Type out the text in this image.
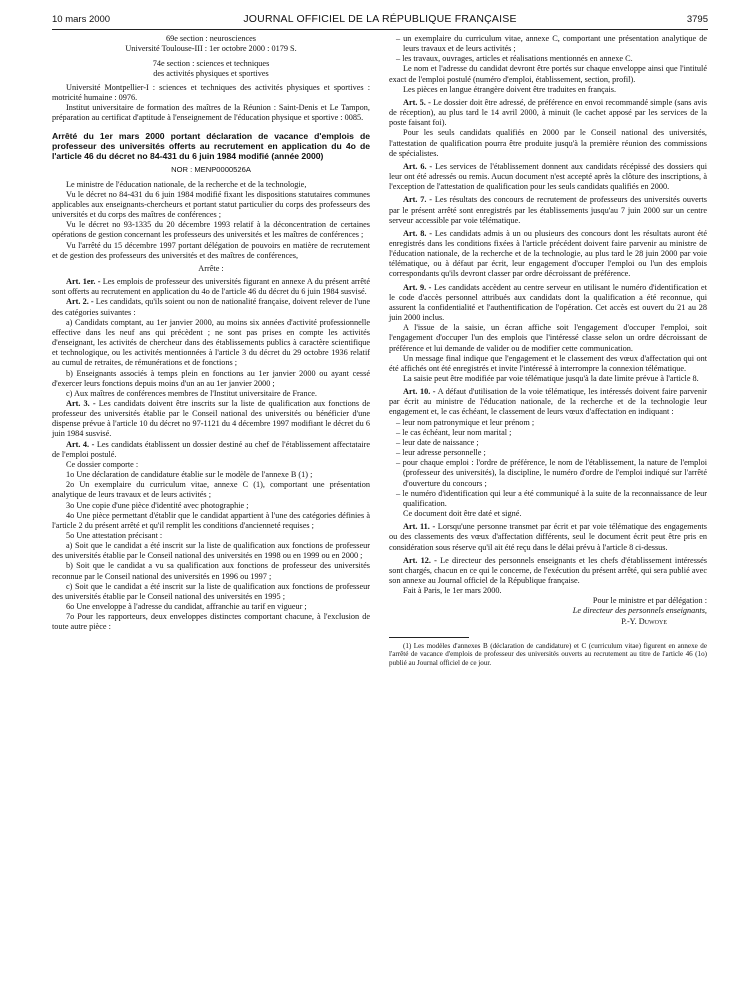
10 mars 2000	JOURNAL OFFICIEL DE LA RÉPUBLIQUE FRANÇAISE	3795

69e section : neurosciences

Université Toulouse-III : 1er octobre 2000 : 0179 S.

74e section : sciences et techniques

des activités physiques et sportives

Université Montpellier-I : sciences et techniques des activités physiques et sportives : motricité humaine : 0976.

Institut universitaire de formation des maîtres de la Réunion : Saint-Denis et Le Tampon, préparation au certificat d'aptitude à l'enseignement de l'éducation physique et sportive : 0085.

Arrêté du 1er mars 2000 portant déclaration de vacance d'emplois de professeur des universités offerts au recrutement en application du 4o de l'article 46 du décret no 84-431 du 6 juin 1984 modifié (année 2000)

NOR : MENP0000526A

Le ministre de l'éducation nationale, de la recherche et de la technologie,

Vu le décret no 84-431 du 6 juin 1984 modifié fixant les dispositions statutaires communes applicables aux enseignants-chercheurs et portant statut particulier du corps des professeurs des universités et du corps des maîtres de conférences ;

Vu le décret no 93-1335 du 20 décembre 1993 relatif à la déconcentration de certaines opérations de gestion concernant les professeurs des universités et les maîtres de conférences ;

Vu l'arrêté du 15 décembre 1997 portant délégation de pouvoirs en matière de recrutement et de gestion des professeurs des universités et des maîtres de conférences,

Arrête :

Art. 1er. - Les emplois de professeur des universités figurant en annexe A du présent arrêté sont offerts au recrutement en application du 4o de l'article 46 du décret du 6 juin 1984 susvisé.

Art. 2. - Les candidats, qu'ils soient ou non de nationalité française, doivent relever de l'une des catégories suivantes :

a) Candidats comptant, au 1er janvier 2000, au moins six années d'activité professionnelle effective dans les neuf ans qui précèdent ; ne sont pas prises en compte les activités d'enseignant, les activités de chercheur dans des établissements publics à caractère scientifique et technologique, ou les activités mentionnées à l'article 3 du décret du 29 octobre 1936 relatif au cumul de retraites, de rémunérations et de fonctions ;

b) Enseignants associés à temps plein en fonctions au 1er janvier 2000 ou ayant cessé d'exercer leurs fonctions depuis moins d'un an au 1er janvier 2000 ;

c) Aux maîtres de conférences membres de l'Institut universitaire de France.

Art. 3. - Les candidats doivent être inscrits sur la liste de qualification aux fonctions de professeur des universités établie par le Conseil national des universités ou bénéficier d'une dispense prévue à l'article 10 du décret no 97-1121 du 4 décembre 1997 modifiant le décret du 6 juin 1984 susvisé.

Art. 4. - Les candidats établissent un dossier destiné au chef de l'établissement affectataire de l'emploi postulé.

Ce dossier comporte :

1o Une déclaration de candidature établie sur le modèle de l'annexe B (1) ;

2o Un exemplaire du curriculum vitae, annexe C (1), comportant une présentation analytique de leurs travaux et de leurs activités ;

3o Une copie d'une pièce d'identité avec photographie ;

4o Une pièce permettant d'établir que le candidat appartient à l'une des catégories définies à l'article 2 du présent arrêté et qu'il remplit les conditions d'ancienneté requises ;

5o Une attestation précisant :

a) Soit que le candidat a été inscrit sur la liste de qualification aux fonctions de professeur des universités établie par le Conseil national des universités en 1998 ou en 1999 ou en 2000 ;

b) Soit que le candidat a vu sa qualification aux fonctions de professeur des universités reconnue par le Conseil national des universités en 1996 ou 1997 ;

c) Soit que le candidat a été inscrit sur la liste de qualification aux fonctions de professeur des universités établie par le Conseil national des universités en 1995 ;

6o Une enveloppe à l'adresse du candidat, affranchie au tarif en vigueur ;

7o Pour les rapporteurs, deux enveloppes distinctes comportant chacune, à l'exclusion de toute autre pièce :

– un exemplaire du curriculum vitae, annexe C, comportant une présentation analytique de leurs travaux et de leurs activités ;

– les travaux, ouvrages, articles et réalisations mentionnés en annexe C.

Le nom et l'adresse du candidat devront être portés sur chaque enveloppe ainsi que l'intitulé exact de l'emploi postulé (numéro d'emploi, établissement, section, profil).

Les pièces en langue étrangère doivent être traduites en français.

Art. 5. - Le dossier doit être adressé, de préférence en envoi recommandé simple (sans avis de réception), au plus tard le 14 avril 2000, à minuit (le cachet apposé par les services de la poste faisant foi).

Pour les seuls candidats qualifiés en 2000 par le Conseil national des universités, l'attestation de qualification pourra être produite jusqu'à la première réunion des commissions de spécialistes.

Art. 6. - Les services de l'établissement donnent aux candidats récépissé des dossiers qui leur ont été adressés ou remis. Aucun document n'est accepté après la clôture des inscriptions, à l'exception de l'attestation de qualification pour les seuls candidats qualifiés en 2000.

Art. 7. - Les résultats des concours de recrutement de professeurs des universités ouverts par le présent arrêté sont enregistrés par les établissements jusqu'au 7 juin 2000 sur un centre serveur accessible par voie télématique.

Art. 8. - Les candidats admis à un ou plusieurs des concours dont les résultats auront été enregistrés dans les conditions fixées à l'article précédent doivent faire parvenir au ministre de l'éducation nationale, de la recherche et de la technologie, au plus tard le 28 juin 2000 par voie télématique, ou à défaut par écrit, leur engagement d'occuper l'emploi ou l'un des emplois correspondants qu'ils devront classer par ordre décroissant de préférence.

Art. 9. - Les candidats accèdent au centre serveur en utilisant le numéro d'identification et le code d'accès personnel attribués aux candidats dont la qualification a été reconnue, qui assurent la confidentialité et l'authentification de l'opération. Cet accès est ouvert du 21 au 28 juin 2000 inclus.

A l'issue de la saisie, un écran affiche soit l'engagement d'occuper l'emploi, soit l'engagement d'occuper l'un des emplois que l'intéressé classe selon un ordre décroissant de préférence et lui demande de valider ou de modifier cette communication.

Un message final indique que l'engagement et le classement des vœux d'affectation qui ont été affichés ont été enregistrés et invite l'intéressé à interrompre la connexion télématique.

La saisie peut être modifiée par voie télématique jusqu'à la date limite prévue à l'article 8.

Art. 10. - A défaut d'utilisation de la voie télématique, les intéressés doivent faire parvenir par écrit au ministre de l'éducation nationale, de la recherche et de la technologie leur engagement et, le cas échéant, le classement de leurs vœux d'affectation en indiquant :

– leur nom patronymique et leur prénom ;

– le cas échéant, leur nom marital ;

– leur date de naissance ;

– leur adresse personnelle ;

– pour chaque emploi : l'ordre de préférence, le nom de l'établissement, la nature de l'emploi (professeur des universités), la discipline, le numéro d'ordre de l'emploi indiqué sur l'arrêté d'ouverture du concours ;

– le numéro d'identification qui leur a été communiqué à la suite de la reconnaissance de leur qualification.

Ce document doit être daté et signé.

Art. 11. - Lorsqu'une personne transmet par écrit et par voie télématique des engagements ou des classements des vœux d'affectation différents, seul le document écrit peut être pris en considération sous réserve qu'il ait été reçu dans le délai prévu à l'article 8 ci-dessus.

Art. 12. - Le directeur des personnels enseignants et les chefs d'établissement intéressés sont chargés, chacun en ce qui le concerne, de l'exécution du présent arrêté, qui sera publié avec son annexe au Journal officiel de la République française.

Fait à Paris, le 1er mars 2000.

Pour le ministre et par délégation :

Le directeur des personnels enseignants,

P.-Y. Duwoye

(1) Les modèles d'annexes B (déclaration de candidature) et C (curriculum vitae) figurent en annexe de l'arrêté de vacance d'emplois de professeur des universités ouverts au recrutement au titre de l'article 46 (1o) publié au Journal officiel de ce jour.
